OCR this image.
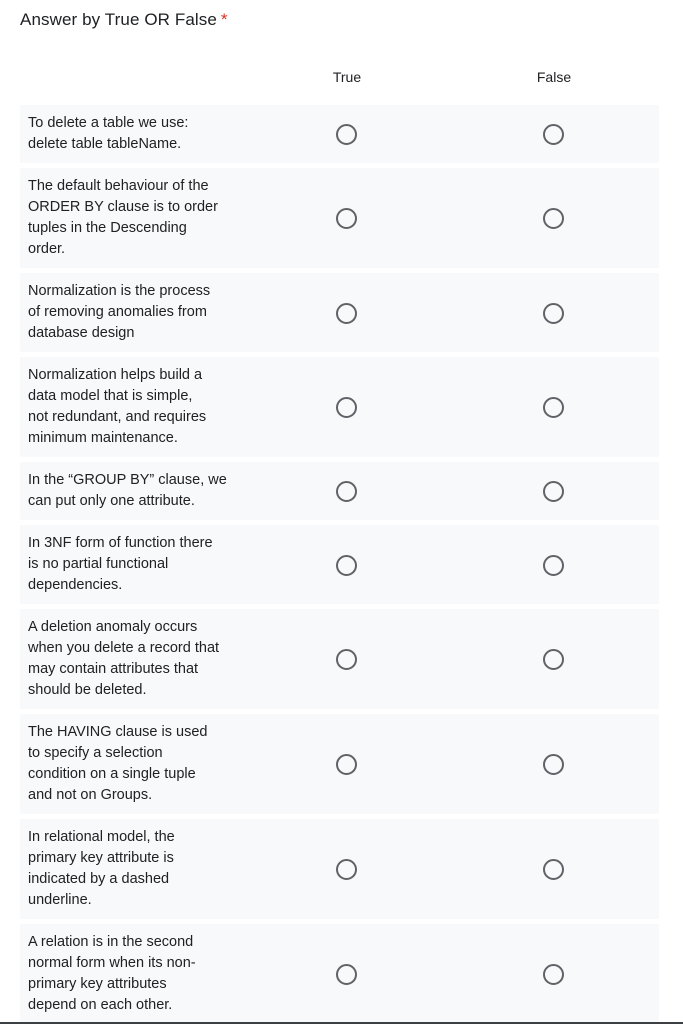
Answer by True OR False *
True	False
To delete a table we use:
delete table tableName.
The default behaviour of the
ORDER BY clause is to order
tuples in the Descending
order.
Normalization is the process
of removing anomalies from
database design
Normalization helps build a
data model that is simple,
not redundant, and requires
minimum maintenance.
In the “GROUP BY” clause, we
can put only one attribute.
In 3NF form of function there
is no partial functional
dependencies.
A deletion anomaly occurs
when you delete a record that
may contain attributes that
should be deleted.
The HAVING clause is used
to specify a selection
condition on a single tuple
and not on Groups.
In relational model, the
primary key attribute is
indicated by a dashed
underline.
A relation is in the second
normal form when its non-
primary key attributes
depend on each other.
